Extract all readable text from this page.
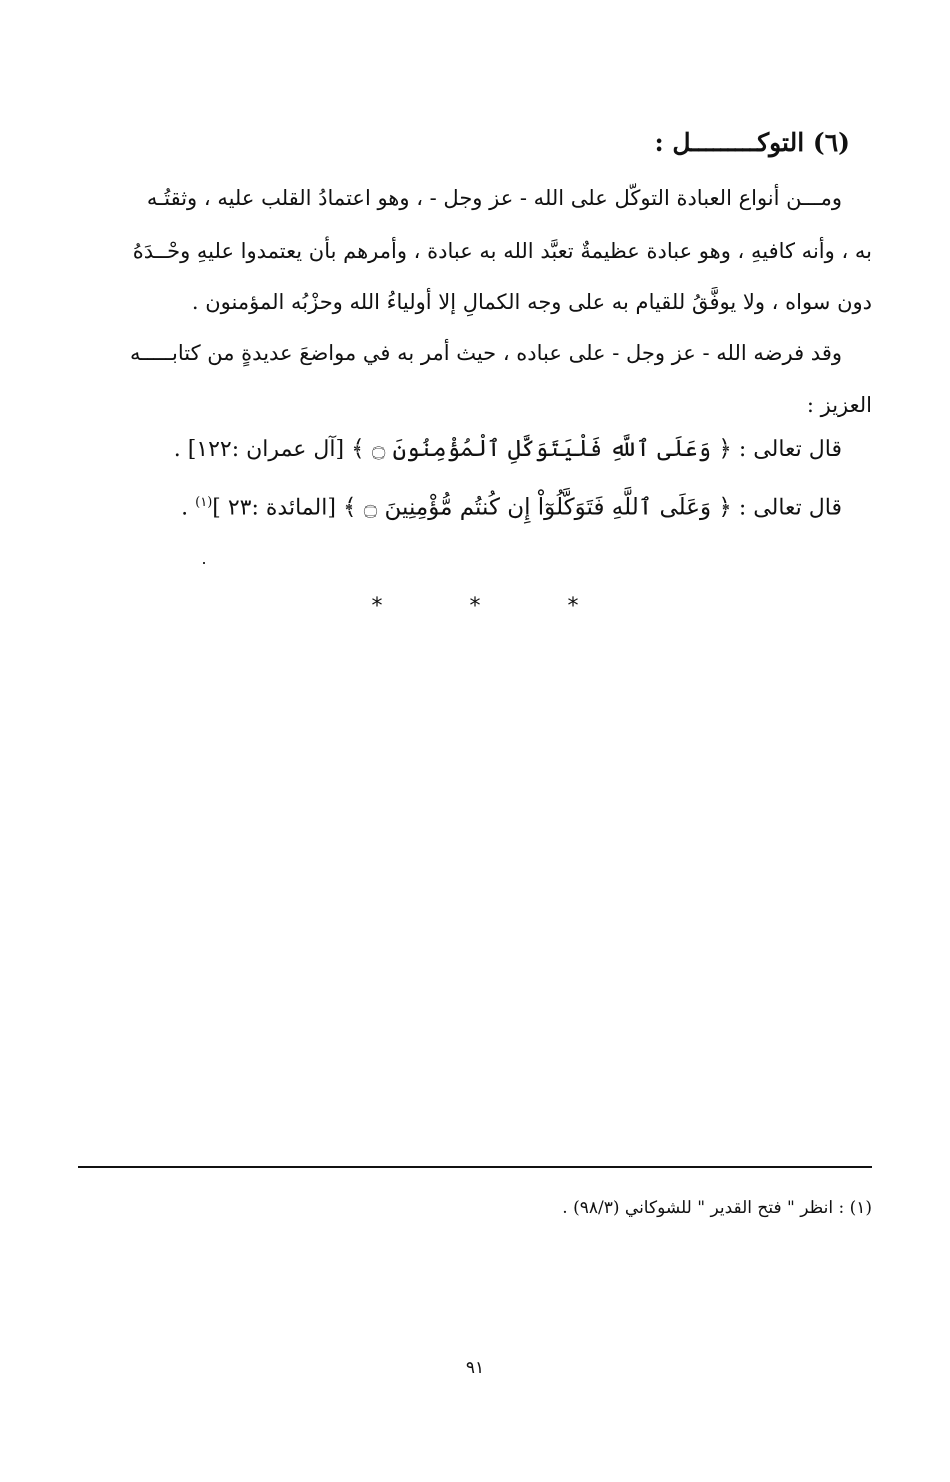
(٦) التوكـــــــــل :
ومـــن أنواع العبادة التوكُّل على الله - عز وجل - ، وهو اعتمادُ القلب عليه ، وثقتُـه
به ، وأنه كافيهِ ، وهو عبادة عظيمةٌ تعبَّد الله به عبادة ، وأمرهم بأن يعتمدوا عليهِ وحْــدَهُ
دون سواه ، ولا يوفَّقُ للقيام به على وجه الكمالِ إلا أولياءُ الله وحزْبُه المؤمنون .
وقد فرضه الله - عز وجل - على عباده ، حيث أمر به في مواضعَ عديدةٍ من كتابـــــه
العزيز :
قال تعالى : ﴿ وَعَلَى ٱللَّهِ فَلْيَتَوَكَّلِ ٱلْمُؤْمِنُونَ ۝ ﴾ [آل عمران :١٢٢] .
قال تعالى : ﴿ وَعَلَى ٱللَّهِ فَتَوَكَّلُوٓاْ إِن كُنتُم مُّؤْمِنِينَ ۝ ﴾ [المائدة :٢٣ ]$^{(١)}$ .
*	*	*
(١) : انظر " فتح القدير " للشوكاني (٩٨/٣) .
٩١
